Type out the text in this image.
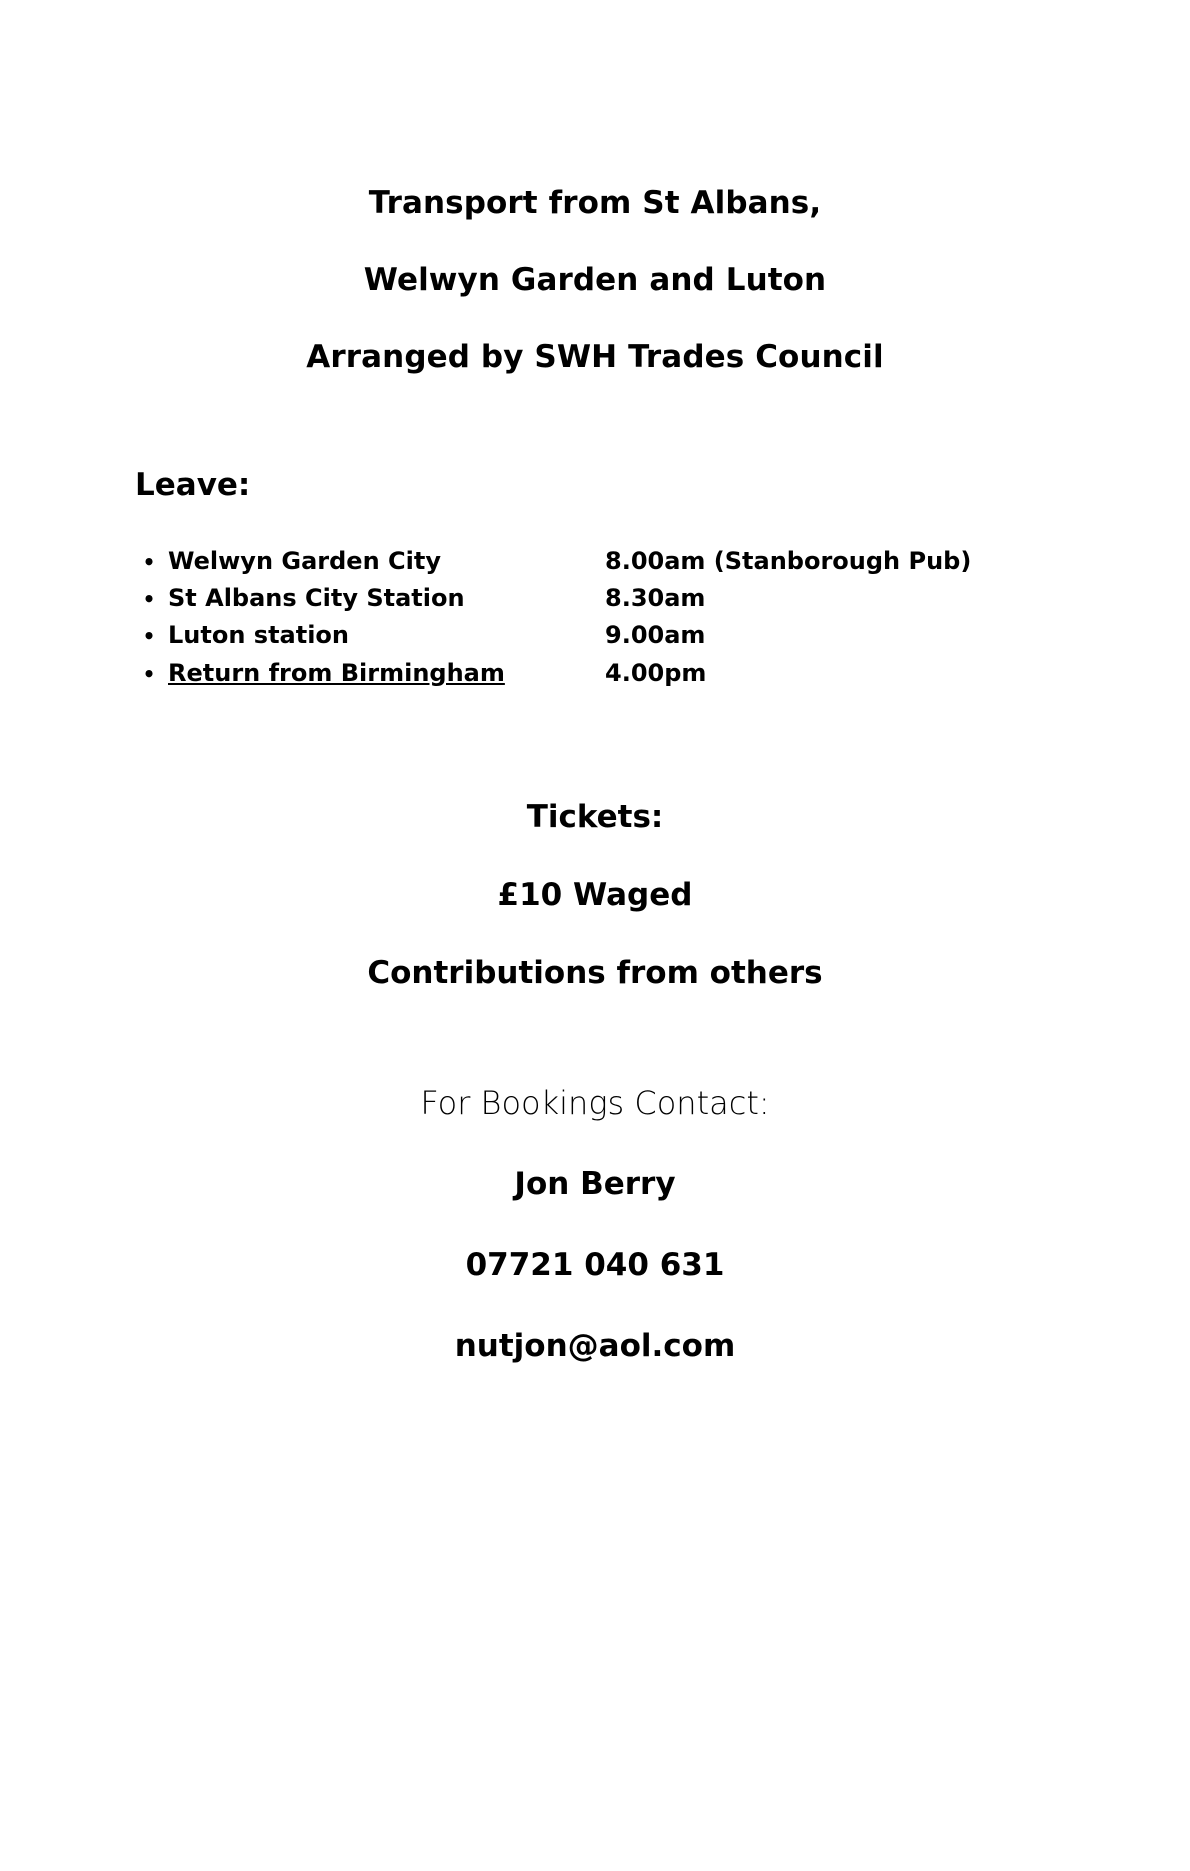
Transport from St Albans,
Welwyn Garden and Luton
Arranged by SWH Trades Council
Leave:
• Welwyn Garden City	8.00am (Stanborough Pub)
• St Albans City Station	8.30am
• Luton station	9.00am
• Return from Birmingham	4.00pm
Tickets:
£10 Waged
Contributions from others
For Bookings Contact:
Jon Berry
07721 040 631
nutjon@aol.com
